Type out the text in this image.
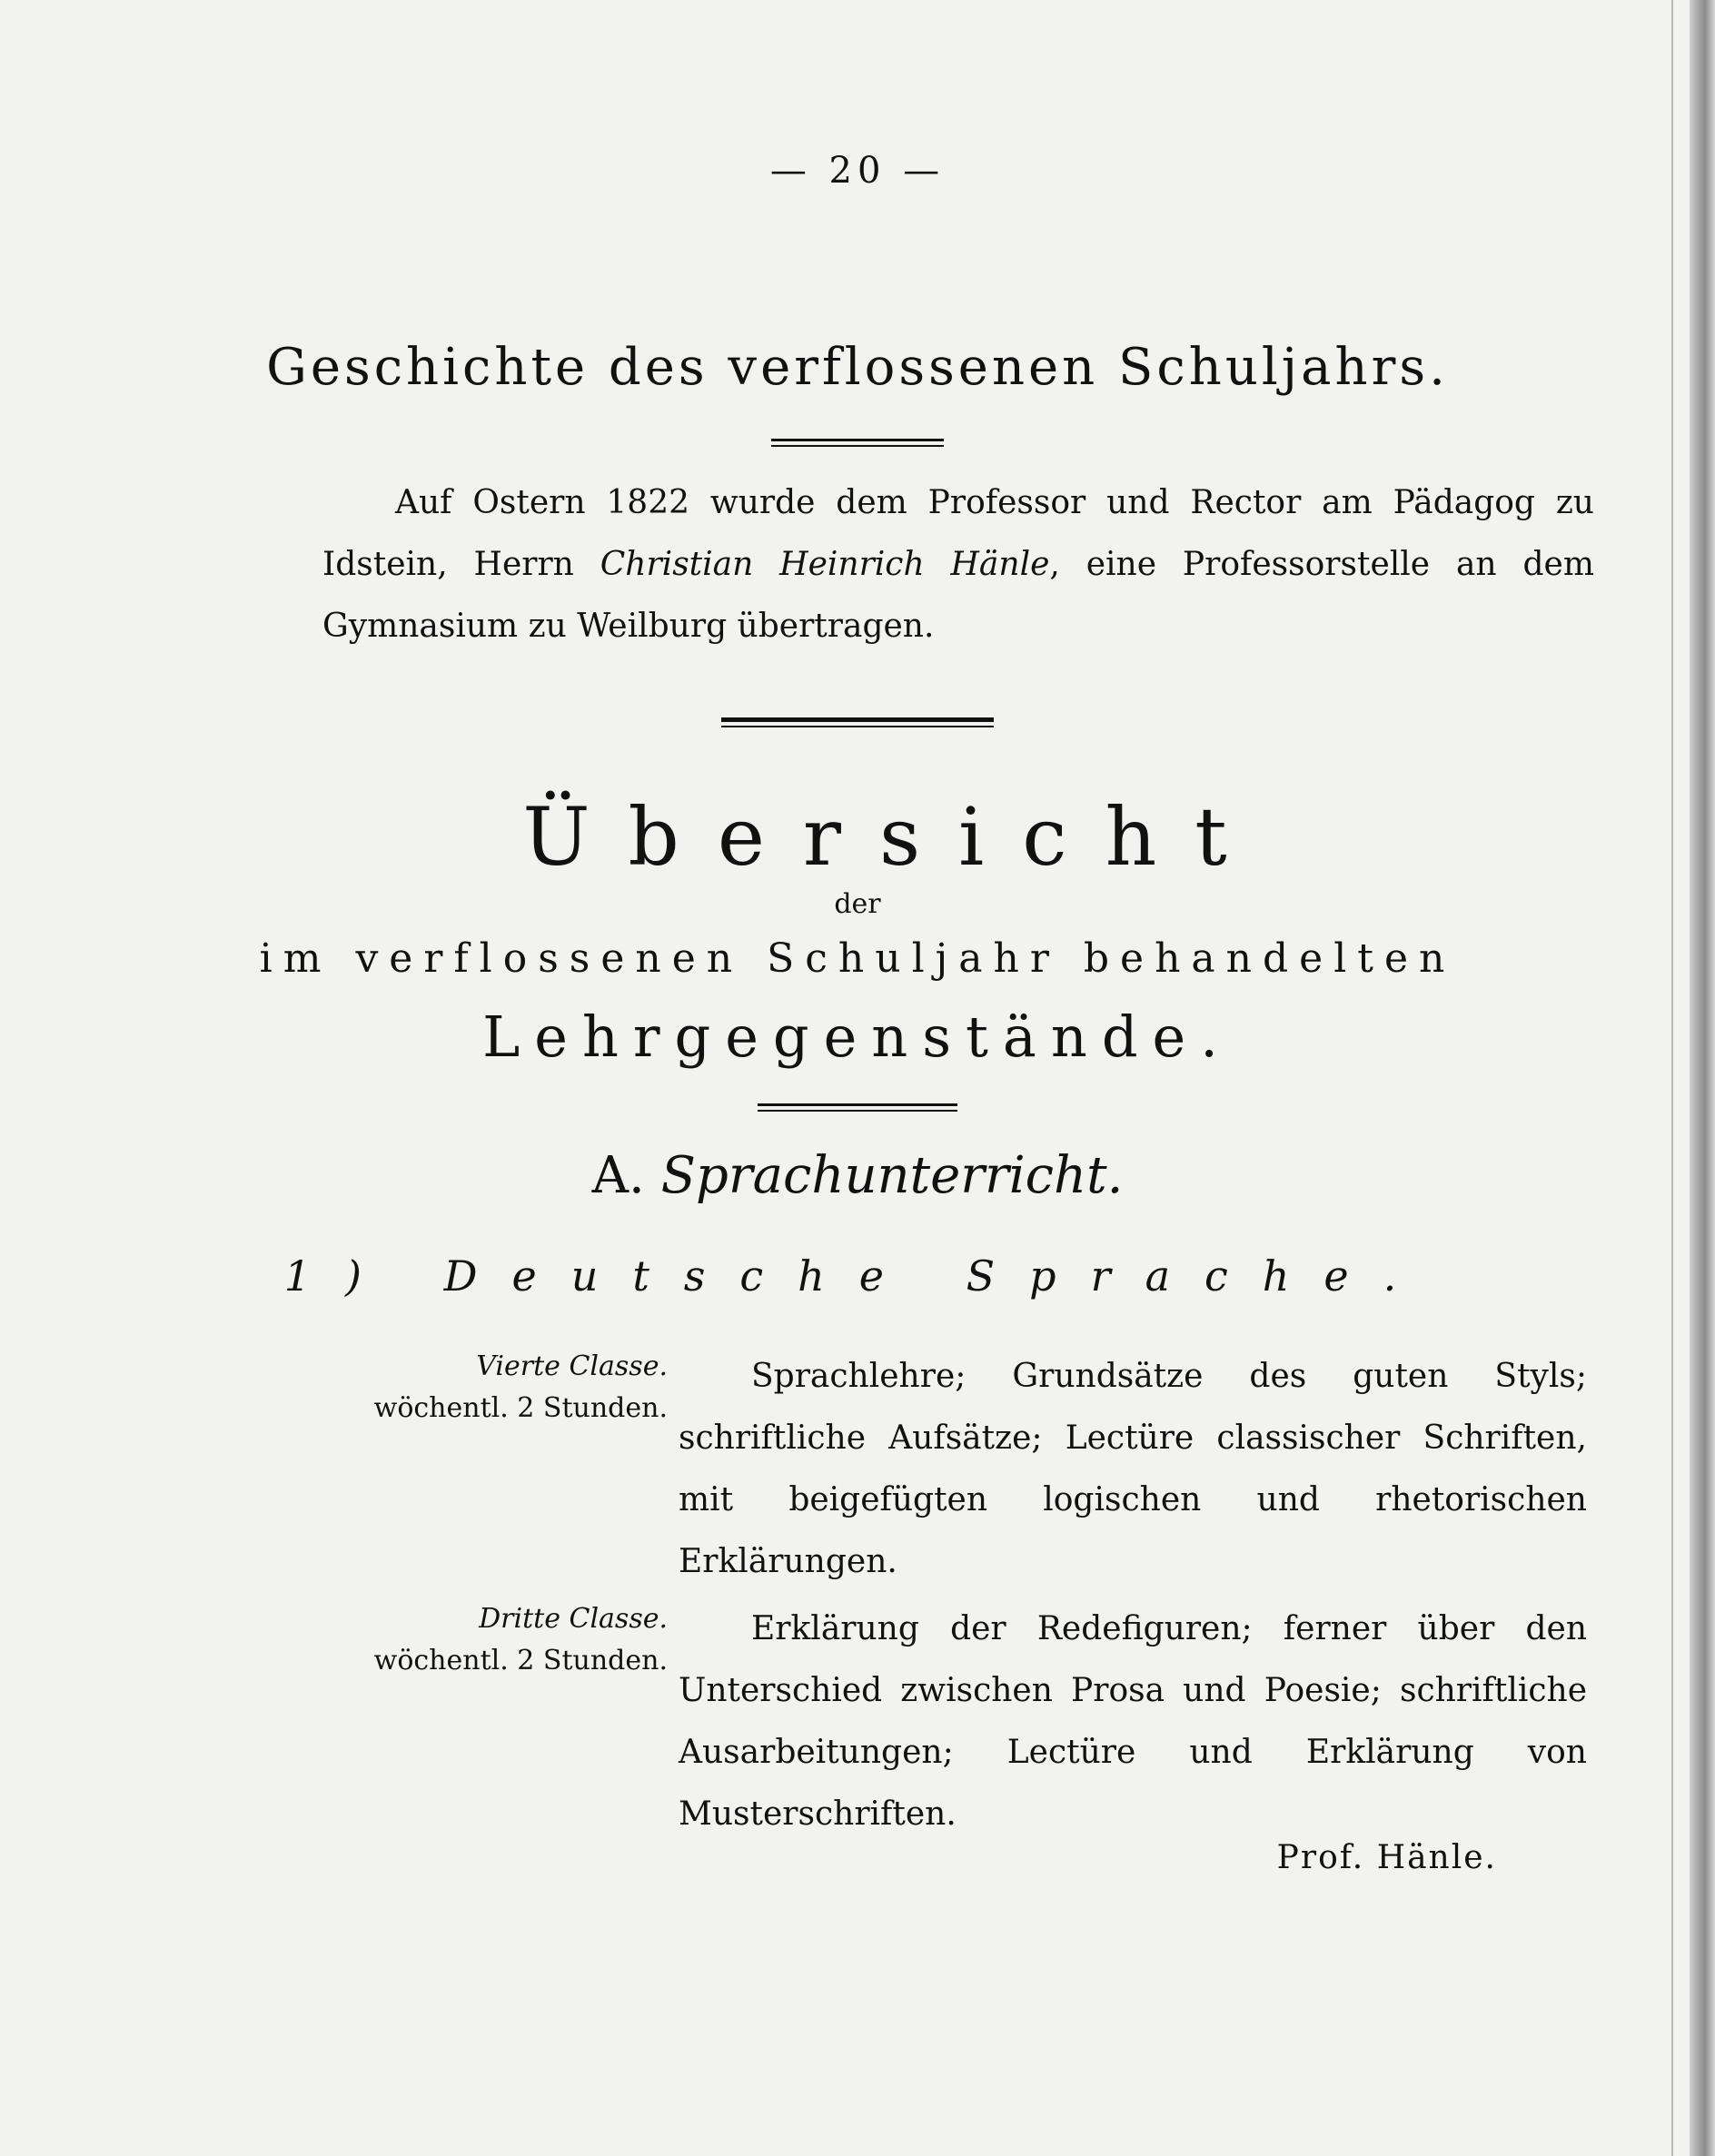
— 20 —
Geschichte des verflossenen Schuljahrs.

Auf Ostern 1822 wurde dem Professor und Rector am Pädagog zu Idstein, Herrn Christian Heinrich Hänle, eine Professorstelle an dem Gymnasium zu Weilburg übertragen.

Übersicht
der
im verflossenen Schuljahr behandelten
Lehrgegenstände.
A. Sprachunterricht.
1) Deutsche Sprache.
Vierte Classe.
wöchentl. 2 Stunden.

Sprachlehre; Grundsätze des guten Styls; schriftliche Aufsätze; Lectüre classischer Schriften, mit beigefügten logischen und rhetorischen Erklärungen.

Dritte Classe.
wöchentl. 2 Stunden.

Erklärung der Redefiguren; ferner über den Unterschied zwischen Prosa und Poesie; schriftliche Ausarbeitungen; Lectüre und Erklärung von Musterschriften.

Prof. Hänle.
